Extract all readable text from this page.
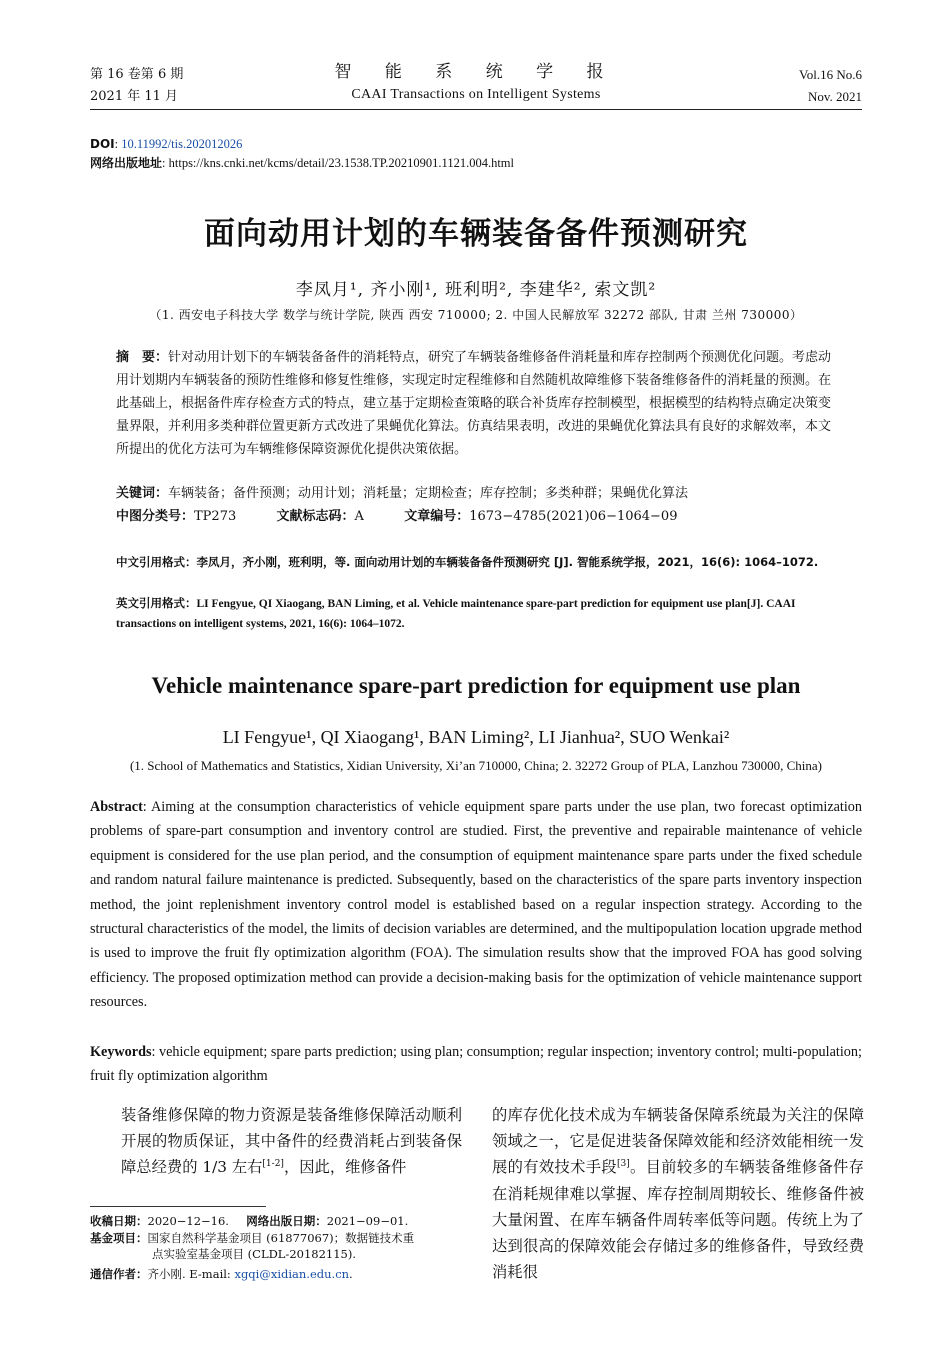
第 16 卷第 6 期
2021 年 11 月
智 能 系 统 学 报
CAAI Transactions on Intelligent Systems
Vol.16 No.6
Nov. 2021
DOI: 10.11992/tis.202012026
网络出版地址: https://kns.cnki.net/kcms/detail/23.1538.TP.20210901.1121.004.html
面向动用计划的车辆装备备件预测研究
李凤月¹, 齐小刚¹, 班利明², 李建华², 索文凯²
（1. 西安电子科技大学 数学与统计学院, 陕西 西安 710000; 2. 中国人民解放军 32272 部队, 甘肃 兰州 730000）
摘　要：针对动用计划下的车辆装备备件的消耗特点，研究了车辆装备维修备件消耗量和库存控制两个预测优化问题。考虑动用计划期内车辆装备的预防性维修和修复性维修，实现定时定程维修和自然随机故障维修下装备维修备件的消耗量的预测。在此基础上，根据备件库存检查方式的特点，建立基于定期检查策略的联合补货库存控制模型，根据模型的结构特点确定决策变量界限，并利用多类种群位置更新方式改进了果蝇优化算法。仿真结果表明，改进的果蝇优化算法具有良好的求解效率，本文所提出的优化方法可为车辆维修保障资源优化提供决策依据。
关键词：车辆装备；备件预测；动用计划；消耗量；定期检查；库存控制；多类种群；果蝇优化算法
中图分类号：TP273	文献标志码：A	文章编号：1673−4785(2021)06−1064−09
中文引用格式：李凤月，齐小刚，班利明，等. 面向动用计划的车辆装备备件预测研究 [J]. 智能系统学报，2021，16(6): 1064–1072.
英文引用格式：LI Fengyue, QI Xiaogang, BAN Liming, et al. Vehicle maintenance spare-part prediction for equipment use plan[J]. CAAI transactions on intelligent systems, 2021, 16(6): 1064–1072.
Vehicle maintenance spare-part prediction for equipment use plan
LI Fengyue¹, QI Xiaogang¹, BAN Liming², LI Jianhua², SUO Wenkai²
(1. School of Mathematics and Statistics, Xidian University, Xi’an 710000, China; 2. 32272 Group of PLA, Lanzhou 730000, China)
Abstract: Aiming at the consumption characteristics of vehicle equipment spare parts under the use plan, two forecast optimization problems of spare-part consumption and inventory control are studied. First, the preventive and repairable maintenance of vehicle equipment is considered for the use plan period, and the consumption of equipment maintenance spare parts under the fixed schedule and random natural failure maintenance is predicted. Subsequently, based on the characteristics of the spare parts inventory inspection method, the joint replenishment inventory control model is established based on a regular inspection strategy. According to the structural characteristics of the model, the limits of decision variables are determined, and the multipopulation location upgrade method is used to improve the fruit fly optimization algorithm (FOA). The simulation results show that the improved FOA has good solving efficiency. The proposed optimization method can provide a decision-making basis for the optimization of vehicle maintenance support resources.
Keywords: vehicle equipment; spare parts prediction; using plan; consumption; regular inspection; inventory control; multi-population; fruit fly optimization algorithm
装备维修保障的物力资源是装备维修保障活动顺利开展的物质保证，其中备件的经费消耗占到装备保障总经费的 1/3 左右[1-2]，因此，维修备件
的库存优化技术成为车辆装备保障系统最为关注的保障领域之一，它是促进装备保障效能和经济效能相统一发展的有效技术手段[3]。目前较多的车辆装备维修备件存在消耗规律难以掌握、库存控制周期较长、维修备件被大量闲置、在库车辆备件周转率低等问题。传统上为了达到很高的保障效能会存储过多的维修备件，导致经费消耗很
收稿日期：2020−12−16. 网络出版日期：2021−09−01.
基金项目：国家自然科学基金项目 (61877067)；数据链技术重
点实验室基金项目 (CLDL-20182115).
通信作者：齐小刚. E-mail: xgqi@xidian.edu.cn.
